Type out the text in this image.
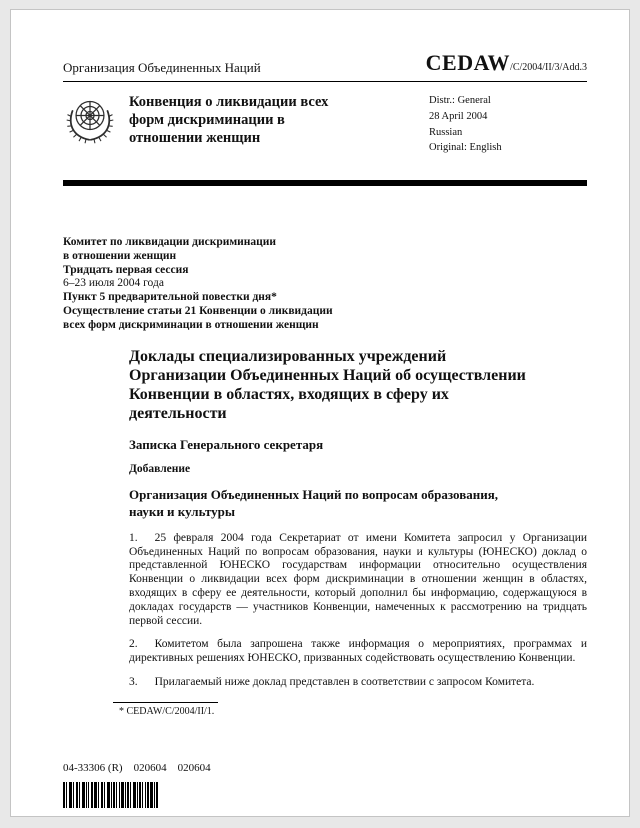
Организация Объединенных Наций	CEDAW/C/2004/II/3/Add.3
Конвенция о ликвидации всех
форм дискриминации в
отношении женщин
Distr.: General
28 April 2004
Russian
Original: English
Комитет по ликвидации дискриминации
в отношении женщин
Тридцать первая сессия
6–23 июля 2004 года
Пункт 5 предварительной повестки дня*
Осуществление статьи 21 Конвенции о ликвидации
всех форм дискриминации в отношении женщин
Доклады специализированных учреждений
Организации Объединенных Наций об осуществлении
Конвенции в областях, входящих в сферу их
деятельности
Записка Генерального секретаря
Добавление
Организация Объединенных Наций по вопросам образования,
науки и культуры

1. 25 февраля 2004 года Секретариат от имени Комитета запросил у Организации Объединенных Наций по вопросам образования, науки и культуры (ЮНЕСКО) доклад о представленной ЮНЕСКО государствам информации относительно осуществления Конвенции о ликвидации всех форм дискриминации в отношении женщин в областях, входящих в сферу ее деятельности, который дополнил бы информацию, содержащуюся в докладах государств — участников Конвенции, намеченных к рассмотрению на тридцать первой сессии.

2. Комитетом была запрошена также информация о мероприятиях, программах и директивных решениях ЮНЕСКО, призванных содействовать осуществлению Конвенции.

3. Прилагаемый ниже доклад представлен в соответствии с запросом Комитета.

* CEDAW/C/2004/II/1.
04-33306 (R)    020604    020604
